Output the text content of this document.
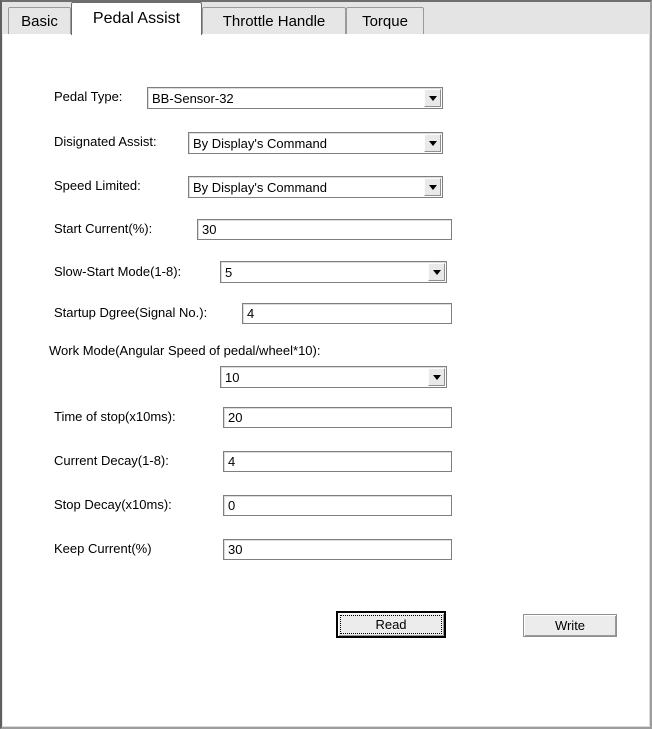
Basic Pedal Assist	Throttle Handle Torque
Pedal Type: BB-Sensor-32
Disignated Assist:	By Display's Command
Speed Limited:	By Display's Command
Start Current(%):
30
Slow-Start Mode(1-8):	5
Startup Dgree(Signal No.):
4
Work Mode(Angular Speed of pedal/wheel*10):
10
Time of stop(x10ms):
20
Current Decay(1-8):
4
Stop Decay(x10ms):
0
Keep Current(%)
30
Read	Write
